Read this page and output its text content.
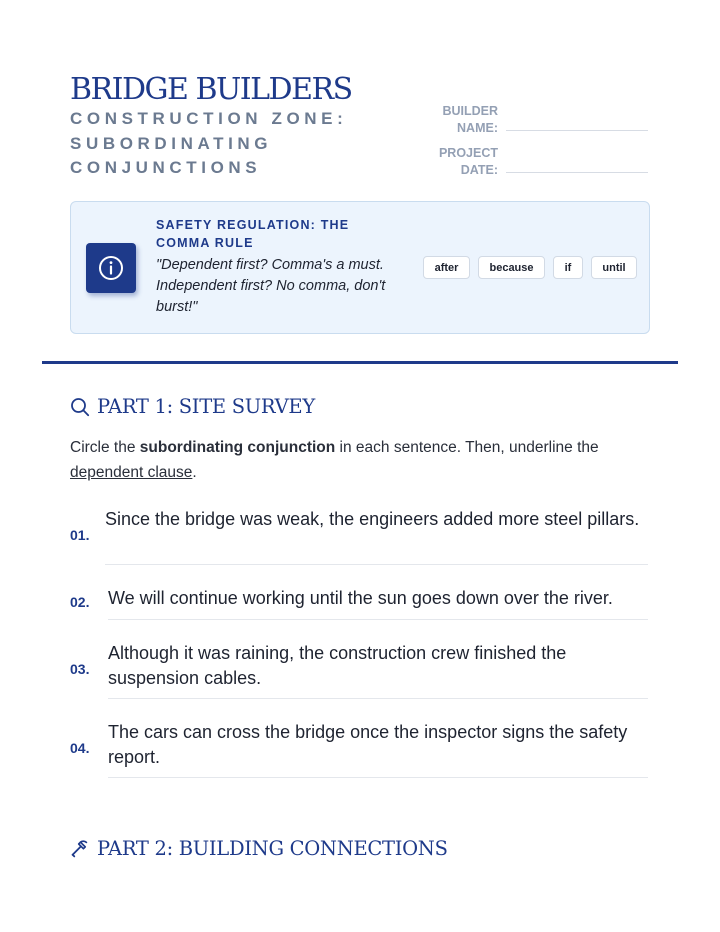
BRIDGE BUILDERS
CONSTRUCTION ZONE: SUBORDINATING CONJUNCTIONS
BUILDER
NAME:
PROJECT
DATE:
SAFETY REGULATION: THE COMMA RULE
"Dependent first? Comma's a must. Independent first? No comma, don't burst!"
after	because	if	until
PART 1: SITE SURVEY
Circle the subordinating conjunction in each sentence. Then, underline the dependent clause.
01.
Since the bridge was weak, the engineers added more steel pillars.
02. We will continue working until the sun goes down over the river.
03.
Although it was raining, the construction crew finished the suspension cables.
04.
The cars can cross the bridge once the inspector signs the safety report.
PART 2: BUILDING CONNECTIONS
